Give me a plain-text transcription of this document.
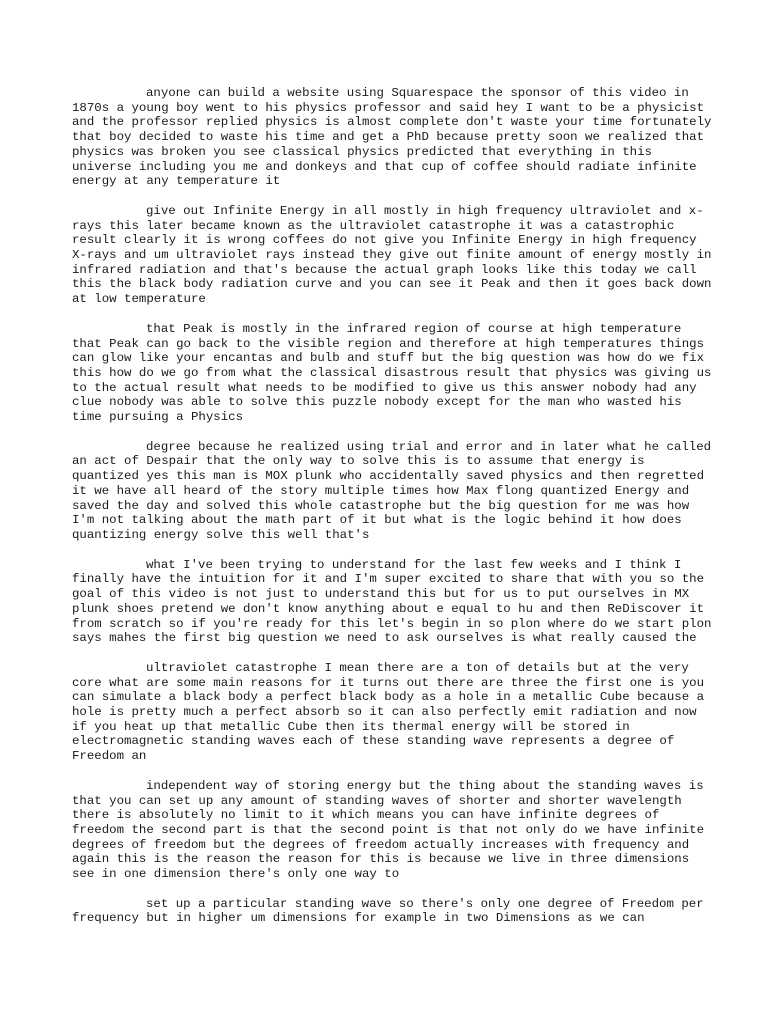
anyone can build a website using Squarespace the sponsor of this video in 1870s a young boy went to his physics professor and said hey I want to be a physicist and the professor replied physics is almost complete don't waste your time fortunately that boy decided to waste his time and get a PhD because pretty soon we realized that physics was broken you see classical physics predicted that everything in this universe including you me and donkeys and that cup of coffee should radiate infinite energy at any temperature it

give out Infinite Energy in all mostly in high frequency ultraviolet and x-rays this later became known as the ultraviolet catastrophe it was a catastrophic result clearly it is wrong coffees do not give you Infinite Energy in high frequency X-rays and um ultraviolet rays instead they give out finite amount of energy mostly in infrared radiation and that's because the actual graph looks like this today we call this the black body radiation curve and you can see it Peak and then it goes back down at low temperature

that Peak is mostly in the infrared region of course at high temperature that Peak can go back to the visible region and therefore at high temperatures things can glow like your encantas and bulb and stuff but the big question was how do we fix this how do we go from what the classical disastrous result that physics was giving us to the actual result what needs to be modified to give us this answer nobody had any clue nobody was able to solve this puzzle nobody except for the man who wasted his time pursuing a Physics

degree because he realized using trial and error and in later what he called an act of Despair that the only way to solve this is to assume that energy is quantized yes this man is MOX plunk who accidentally saved physics and then regretted it we have all heard of the story multiple times how Max flong quantized Energy and saved the day and solved this whole catastrophe but the big question for me was how I'm not talking about the math part of it but what is the logic behind it how does quantizing energy solve this well that's

what I've been trying to understand for the last few weeks and I think I finally have the intuition for it and I'm super excited to share that with you so the goal of this video is not just to understand this but for us to put ourselves in MX plunk shoes pretend we don't know anything about e equal to hu and then ReDiscover it from scratch so if you're ready for this let's begin in so plon where do we start plon says mahes the first big question we need to ask ourselves is what really caused the

ultraviolet catastrophe I mean there are a ton of details but at the very core what are some main reasons for it turns out there are three the first one is you can simulate a black body a perfect black body as a hole in a metallic Cube because a hole is pretty much a perfect absorb so it can also perfectly emit radiation and now if you heat up that metallic Cube then its thermal energy will be stored in electromagnetic standing waves each of these standing wave represents a degree of Freedom an

independent way of storing energy but the thing about the standing waves is that you can set up any amount of standing waves of shorter and shorter wavelength there is absolutely no limit to it which means you can have infinite degrees of freedom the second part is that the second point is that not only do we have infinite degrees of freedom but the degrees of freedom actually increases with frequency and again this is the reason the reason for this is because we live in three dimensions see in one dimension there's only one way to

set up a particular standing wave so there's only one degree of Freedom per frequency but in higher um dimensions for example in two Dimensions as we can
